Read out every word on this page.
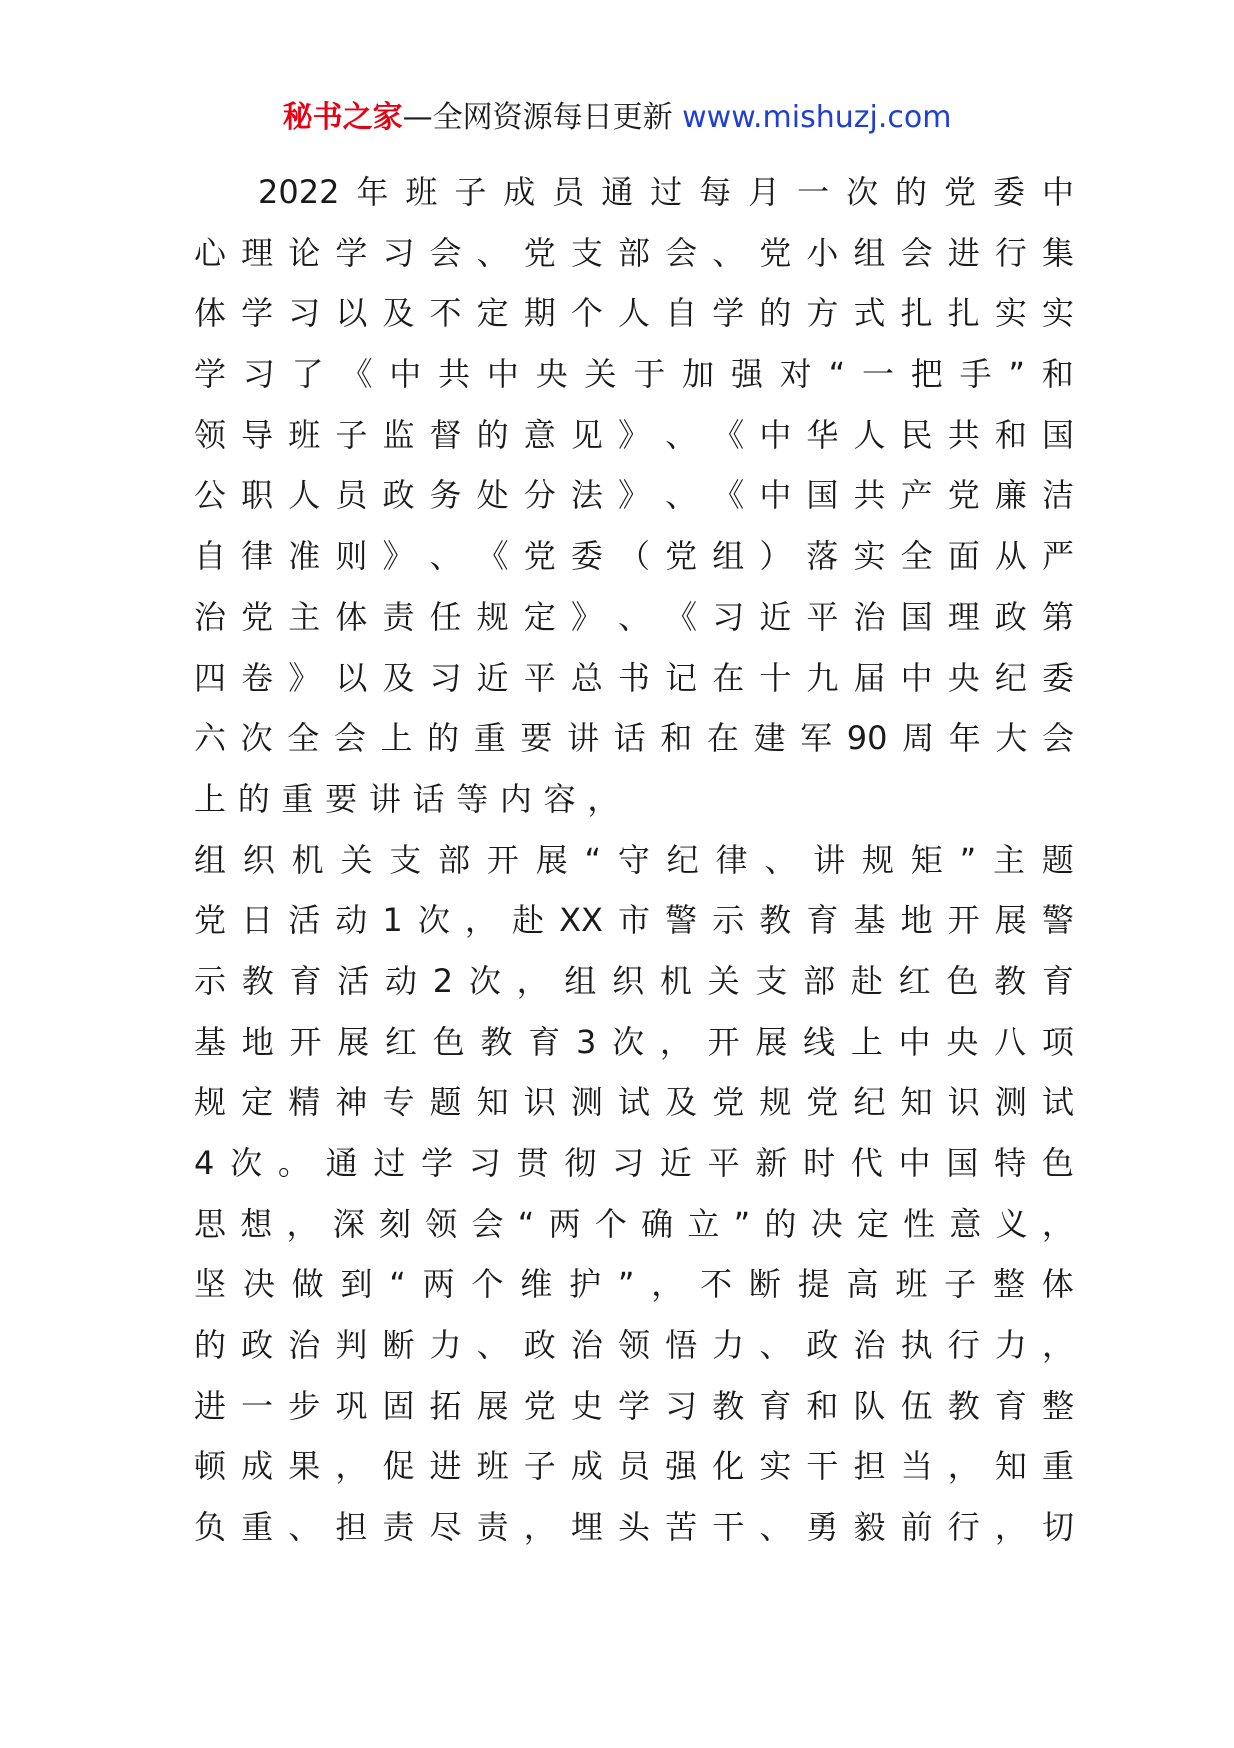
秘书之家—全网资源每日更新 www.mishuzj.com
2022 年 班 子 成 员 通 过 每 月 一 次 的 党 委 中
心 理 论 学 习 会 、 党 支 部 会 、 党 小 组 会 进 行 集
体 学 习 以 及 不 定 期 个 人 自 学 的 方 式 扎 扎 实 实
学 习 了 《 中 共 中 央 关 于 加 强 对 “ 一 把 手 ” 和
领 导 班 子 监 督 的 意 见 》 、 《 中 华 人 民 共 和 国
公 职 人 员 政 务 处 分 法 》 、 《 中 国 共 产 党 廉 洁
自 律 准 则 》 、 《 党 委 （ 党 组 ） 落 实 全 面 从 严
治 党 主 体 责 任 规 定 》 、 《 习 近 平 治 国 理 政 第
四 卷 》 以 及 习 近 平 总 书 记 在 十 九 届 中 央 纪 委
六 次 全 会 上 的 重 要 讲 话 和 在 建 军 90 周 年 大 会
上 的 重 要 讲 话 等 内 容 ，
组 织 机 关 支 部 开 展 “ 守 纪 律 、 讲 规 矩 ” 主 题
党 日 活 动 1 次 ， 赴 XX 市 警 示 教 育 基 地 开 展 警
示 教 育 活 动 2 次 ， 组 织 机 关 支 部 赴 红 色 教 育
基 地 开 展 红 色 教 育 3 次 ， 开 展 线 上 中 央 八 项
规 定 精 神 专 题 知 识 测 试 及 党 规 党 纪 知 识 测 试
4 次 。 通 过 学 习 贯 彻 习 近 平 新 时 代 中 国 特 色
思 想 ， 深 刻 领 会 “ 两 个 确 立 ” 的 决 定 性 意 义 ，
坚 决 做 到 “ 两 个 维 护 ” ， 不 断 提 高 班 子 整 体
的 政 治 判 断 力 、 政 治 领 悟 力 、 政 治 执 行 力 ，
进 一 步 巩 固 拓 展 党 史 学 习 教 育 和 队 伍 教 育 整
顿 成 果 ， 促 进 班 子 成 员 强 化 实 干 担 当 ， 知 重
负 重 、 担 责 尽 责 ， 埋 头 苦 干 、 勇 毅 前 行 ， 切
